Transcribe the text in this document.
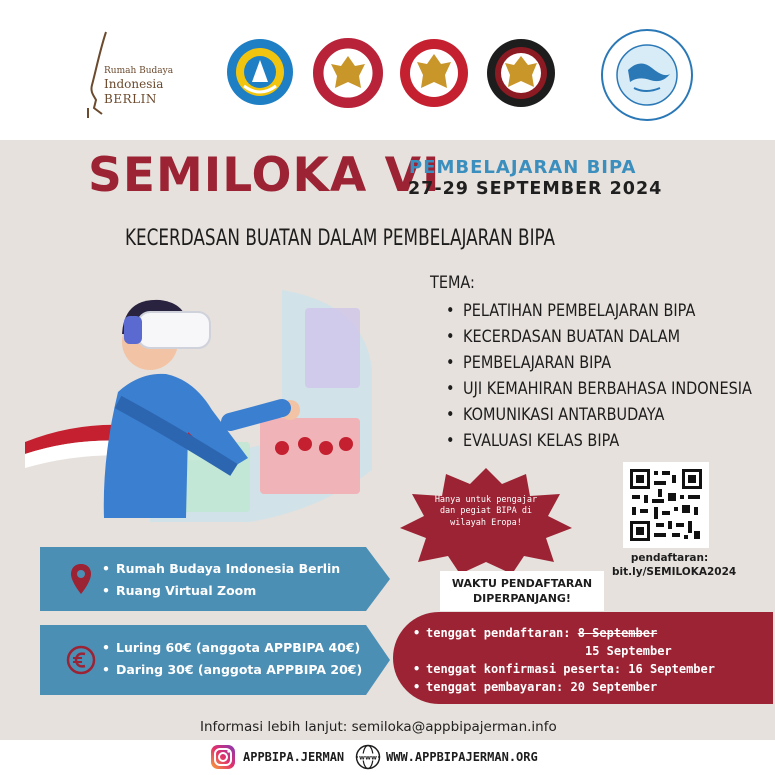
Rumah Budaya
Indonesia
BERLIN
SEMILOKA VI
PEMBELAJARAN BIPA
27-29 SEPTEMBER 2024
KECERDASAN BUATAN DALAM PEMBELAJARAN BIPA
TEMA:
• PELATIHAN PEMBELAJARAN BIPA
• KECERDASAN BUATAN DALAM
• PEMBELAJARAN BIPA
• UJI KEMAHIRAN BERBAHASA INDONESIA
• KOMUNIKASI ANTARBUDAYA
• EVALUASI KELAS BIPA
Hanya untuk pengajar
dan pegiat BIPA di
wilayah Eropa!
pendaftaran:
bit.ly/SEMILOKA2024
• Rumah Budaya Indonesia Berlin
• Ruang Virtual Zoom
• Luring 60€ (anggota APPBIPA 40€)
• Daring 30€ (anggota APPBIPA 20€)
WAKTU PENDAFTARAN
DIPERPANJANG!
• tenggat pendaftaran: 8 September
15 September
• tenggat konfirmasi peserta: 16 September
• tenggat pembayaran: 20 September
Informasi lebih lanjut: semiloka@appbipajerman.info
APPBIPA.JERMAN www WWW.APPBIPAJERMAN.ORG
